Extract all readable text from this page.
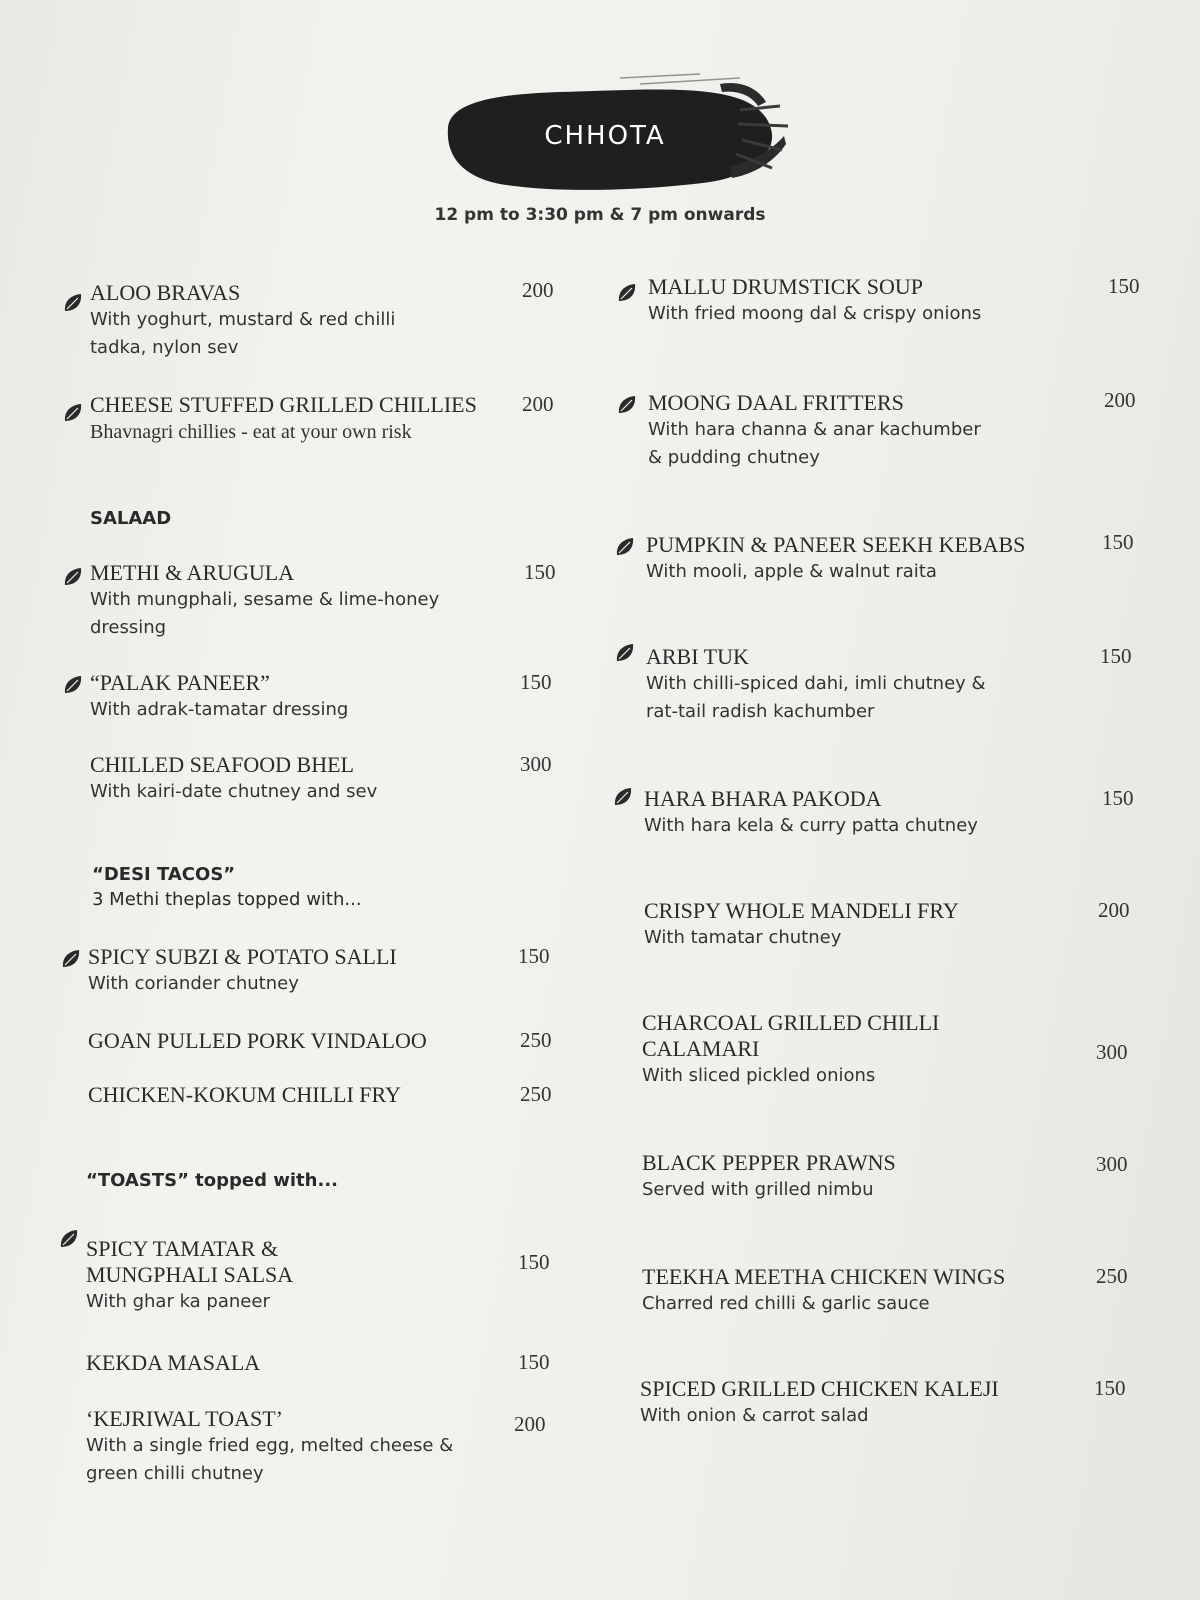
CHHOTA
12 pm to 3:30 pm & 7 pm onwards
ALOO BRAVAS
With yoghurt, mustard & red chilli
tadka, nylon sev
200
CHEESE STUFFED GRILLED CHILLIES
Bhavnagri chillies - eat at your own risk
200
SALAAD
METHI & ARUGULA
With mungphali, sesame & lime-honey
dressing
150
“PALAK PANEER”
With adrak-tamatar dressing
150
CHILLED SEAFOOD BHEL
With kairi-date chutney and sev
300
“DESI TACOS”
3 Methi theplas topped with...
SPICY SUBZI & POTATO SALLI
With coriander chutney
150
GOAN PULLED PORK VINDALOO	250
CHICKEN-KOKUM CHILLI FRY	250
“TOASTS” topped with...
SPICY TAMATAR &
MUNGPHALI SALSA
With ghar ka paneer
150
KEKDA MASALA	150
‘KEJRIWAL TOAST’
With a single fried egg, melted cheese &
green chilli chutney
200
MALLU DRUMSTICK SOUP
With fried moong dal & crispy onions
150
MOONG DAAL FRITTERS
With hara channa & anar kachumber
& pudding chutney
200
PUMPKIN & PANEER SEEKH KEBABS
With mooli, apple & walnut raita
150
ARBI TUK
With chilli-spiced dahi, imli chutney &
rat-tail radish kachumber
150
HARA BHARA PAKODA
With hara kela & curry patta chutney
150
CRISPY WHOLE MANDELI FRY
With tamatar chutney
200
CHARCOAL GRILLED CHILLI
CALAMARI
With sliced pickled onions
300
BLACK PEPPER PRAWNS
Served with grilled nimbu
300
TEEKHA MEETHA CHICKEN WINGS
Charred red chilli & garlic sauce
250
SPICED GRILLED CHICKEN KALEJI
With onion & carrot salad
150
